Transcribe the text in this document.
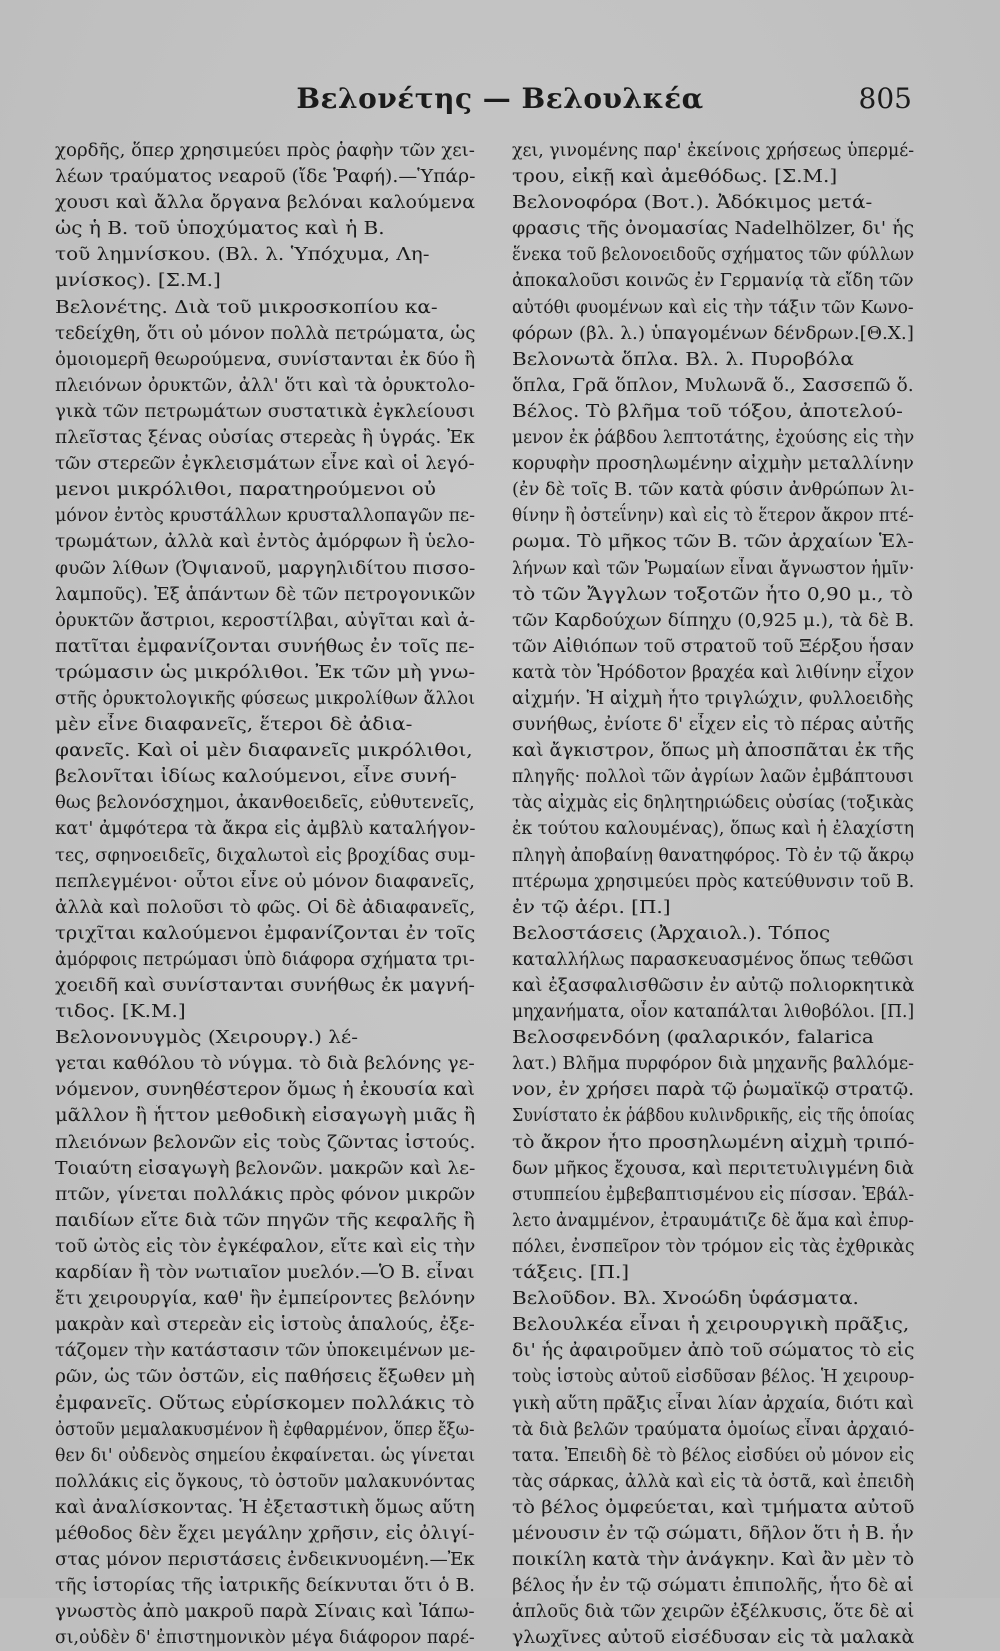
Βελονέτης — Βελουλκέα	805
χορδῆς, ὅπερ χρησιμεύει πρὸς ῥαφὴν τῶν χει-
λέων τραύματος νεαροῦ (ἴδε Ῥαφή).—Ὑπάρ-
χουσι καὶ ἄλλα ὄργανα βελόναι καλούμενα
ὡς ἡ Β. τοῦ ὑποχύματος καὶ ἡ Β.
τοῦ λημνίσκου. (Βλ. λ. Ὑπόχυμα, Λη-
μνίσκος). [Σ.Μ.]
Βελονέτης. Διὰ τοῦ μικροσκοπίου κα-
τεδείχθη, ὅτι οὐ μόνον πολλὰ πετρώματα, ὡς
ὁμοιομερῆ θεωρούμενα, συνίστανται ἐκ δύο ἢ
πλειόνων ὀρυκτῶν, ἀλλ' ὅτι καὶ τὰ ὀρυκτολο-
γικὰ τῶν πετρωμάτων συστατικὰ ἐγκλείουσι
πλεῖστας ξένας οὐσίας στερεὰς ἢ ὑγράς. Ἐκ
τῶν στερεῶν ἐγκλεισμάτων εἶνε καὶ οἱ λεγό-
μενοι μικρόλιθοι, παρατηρούμενοι οὐ
μόνον ἐντὸς κρυστάλλων κρυσταλλοπαγῶν πε-
τρωμάτων, ἀλλὰ καὶ ἐντὸς ἀμόρφων ἢ ὑελο-
φυῶν λίθων (Ὀψιανοῦ, μαργηλιδίτου πισσο-
λαμποῦς). Ἐξ ἁπάντων δὲ τῶν πετρογονικῶν
ὀρυκτῶν ἄστριοι, κεροστίλβαι, αὐγῖται καὶ ἀ-
πατῖται ἐμφανίζονται συνήθως ἐν τοῖς πε-
τρώμασιν ὡς μικρόλιθοι. Ἐκ τῶν μὴ γνω-
στῆς ὀρυκτολογικῆς φύσεως μικρολίθων ἄλλοι
μὲν εἶνε διαφανεῖς, ἕτεροι δὲ ἀδια-
φανεῖς. Καὶ οἱ μὲν διαφανεῖς μικρόλιθοι,
βελονῖται ἰδίως καλούμενοι, εἶνε συνή-
θως βελονόσχημοι, ἀκανθοειδεῖς, εὐθυτενεῖς,
κατ' ἀμφότερα τὰ ἄκρα εἰς ἀμβλὺ καταλήγον-
τες, σφηνοειδεῖς, διχαλωτοὶ εἰς βροχίδας συμ-
πεπλεγμένοι· οὗτοι εἶνε οὐ μόνον διαφανεῖς,
ἀλλὰ καὶ πολοῦσι τὸ φῶς. Οἱ δὲ ἀδιαφανεῖς,
τριχῖται καλούμενοι ἐμφανίζονται ἐν τοῖς
ἀμόρφοις πετρώμασι ὑπὸ διάφορα σχήματα τρι-
χοειδῆ καὶ συνίστανται συνήθως ἐκ μαγνή-
τιδος. [Κ.Μ.]
Βελονονυγμὸς (Χειρουργ.) λέ-
γεται καθόλου τὸ νύγμα. τὸ διὰ βελόνης γε-
νόμενον, συνηθέστερον ὅμως ἡ ἐκουσία καὶ
μᾶλλον ἢ ἧττον μεθοδικὴ εἰσαγωγὴ μιᾶς ἢ
πλειόνων βελονῶν εἰς τοὺς ζῶντας ἱστούς.
Τοιαύτη εἰσαγωγὴ βελονῶν. μακρῶν καὶ λε-
πτῶν, γίνεται πολλάκις πρὸς φόνον μικρῶν
παιδίων εἴτε διὰ τῶν πηγῶν τῆς κεφαλῆς ἢ
τοῦ ὠτὸς εἰς τὸν ἐγκέφαλον, εἴτε καὶ εἰς τὴν
καρδίαν ἢ τὸν νωτιαῖον μυελόν.—Ὁ Β. εἶναι
ἔτι χειρουργία, καθ' ἣν ἐμπείροντες βελόνην
μακρὰν καὶ στερεὰν εἰς ἱστοὺς ἁπαλούς, ἐξε-
τάζομεν τὴν κατάστασιν τῶν ὑποκειμένων με-
ρῶν, ὡς τῶν ὀστῶν, εἰς παθήσεις ἔξωθεν μὴ
ἐμφανεῖς. Οὕτως εὑρίσκομεν πολλάκις τὸ
ὀστοῦν μεμαλακυσμένον ἢ ἐφθαρμένον, ὅπερ ἔξω-
θεν δι' οὐδενὸς σημείου ἐκφαίνεται. ὡς γίνεται
πολλάκις εἰς ὄγκους, τὸ ὀστοῦν μαλακυνόντας
καὶ ἀναλίσκοντας. Ἡ ἐξεταστικὴ ὅμως αὕτη
μέθοδος δὲν ἔχει μεγάλην χρῆσιν, εἰς ὀλιγί-
στας μόνον περιστάσεις ἐνδεικνυομένη.—Ἐκ
τῆς ἱστορίας τῆς ἰατρικῆς δείκνυται ὅτι ὁ Β.
γνωστὸς ἀπὸ μακροῦ παρὰ Σίναις καὶ Ἰάπω-
σι,οὐδὲν δ' ἐπιστημονικὸν μέγα διάφορον παρέ-
χει, γινομένης παρ' ἐκείνοις χρήσεως ὑπερμέ-
τρου, εἰκῇ καὶ ἀμεθόδως. [Σ.Μ.]
Βελονοφόρα (Βοτ.). Ἀδόκιμος μετά-
φρασις τῆς ὀνομασίας Nadelhölzer, δι' ἧς
ἕνεκα τοῦ βελονοειδοῦς σχήματος τῶν φύλλων
ἀποκαλοῦσι κοινῶς ἐν Γερμανίᾳ τὰ εἴδη τῶν
αὐτόθι φυομένων καὶ εἰς τὴν τάξιν τῶν Κωνο-
φόρων (βλ. λ.) ὑπαγομένων δένδρων.[Θ.Χ.]
Βελονωτὰ ὅπλα. Βλ. λ. Πυροβόλα
ὅπλα, Γρᾶ ὅπλον, Μυλωνᾶ ὅ., Σασσεπῶ ὅ.
Βέλος. Τὸ βλῆμα τοῦ τόξου, ἀποτελού-
μενον ἐκ ῥάβδου λεπτοτάτης, ἐχούσης εἰς τὴν
κορυφὴν προσηλωμένην αἰχμὴν μεταλλίνην
(ἐν δὲ τοῖς Β. τῶν κατὰ φύσιν ἀνθρώπων λι-
θίνην ἢ ὀστεΐνην) καὶ εἰς τὸ ἕτερον ἄκρον πτέ-
ρωμα. Τὸ μῆκος τῶν Β. τῶν ἀρχαίων Ἑλ-
λήνων καὶ τῶν Ῥωμαίων εἶναι ἄγνωστον ἡμῖν·
τὸ τῶν Ἄγγλων τοξοτῶν ἦτο 0,90 μ., τὸ
τῶν Καρδούχων δίπηχυ (0,925 μ.), τὰ δὲ Β.
τῶν Αἰθιόπων τοῦ στρατοῦ τοῦ Ξέρξου ἦσαν
κατὰ τὸν Ἡρόδοτον βραχέα καὶ λιθίνην εἶχον
αἰχμήν. Ἡ αἰχμὴ ἦτο τριγλώχιν, φυλλοειδὴς
συνήθως, ἐνίοτε δ' εἶχεν εἰς τὸ πέρας αὐτῆς
καὶ ἄγκιστρον, ὅπως μὴ ἀποσπᾶται ἐκ τῆς
πληγῆς· πολλοὶ τῶν ἀγρίων λαῶν ἐμβάπτουσι
τὰς αἰχμὰς εἰς δηλητηριώδεις οὐσίας (τοξικὰς
ἐκ τούτου καλουμένας), ὅπως καὶ ἡ ἐλαχίστη
πληγὴ ἀποβαίνῃ θανατηφόρος. Τὸ ἐν τῷ ἄκρῳ
πτέρωμα χρησιμεύει πρὸς κατεύθυνσιν τοῦ Β.
ἐν τῷ ἀέρι. [Π.]
Βελοστάσεις (Ἀρχαιολ.). Τόπος
καταλλήλως παρασκευασμένος ὅπως τεθῶσι
καὶ ἐξασφαλισθῶσιν ἐν αὐτῷ πολιορκητικὰ
μηχανήματα, οἷον καταπάλται λιθοβόλοι. [Π.]
Βελοσφενδόνη (φαλαρικόν, falarica
λατ.) Βλῆμα πυρφόρον διὰ μηχανῆς βαλλόμε-
νον, ἐν χρήσει παρὰ τῷ ῥωμαϊκῷ στρατῷ.
Συνίστατο ἐκ ῥάβδου κυλινδρικῆς, εἰς τῆς ὁποίας
τὸ ἄκρον ἦτο προσηλωμένη αἰχμὴ τριπό-
δων μῆκος ἔχουσα, καὶ περιτετυλιγμένη διὰ
στυππείου ἐμβεβαπτισμένου εἰς πίσσαν. Ἐβάλ-
λετο ἀναμμένον, ἐτραυμάτιζε δὲ ἅμα καὶ ἐπυρ-
πόλει, ἐνσπεῖρον τὸν τρόμον εἰς τὰς ἐχθρικὰς
τάξεις. [Π.]
Βελοῦδον. Βλ. Χνοώδη ὑφάσματα.
Βελουλκέα εἶναι ἡ χειρουργικὴ πρᾶξις,
δι' ἧς ἀφαιροῦμεν ἀπὸ τοῦ σώματος τὸ εἰς
τοὺς ἱστοὺς αὐτοῦ εἰσδῦσαν βέλος. Ἡ χειρουρ-
γικὴ αὕτη πρᾶξις εἶναι λίαν ἀρχαία, διότι καὶ
τὰ διὰ βελῶν τραύματα ὁμοίως εἶναι ἀρχαιό-
τατα. Ἐπειδὴ δὲ τὸ βέλος εἰσδύει οὐ μόνον εἰς
τὰς σάρκας, ἀλλὰ καὶ εἰς τὰ ὀστᾶ, καὶ ἐπειδὴ
τὸ βέλος ὀμφεύεται, καὶ τμήματα αὐτοῦ
μένουσιν ἐν τῷ σώματι, δῆλον ὅτι ἡ Β. ἦν
ποικίλη κατὰ τὴν ἀνάγκην. Καὶ ἂν μὲν τὸ
βέλος ἦν ἐν τῷ σώματι ἐπιπολῆς, ἦτο δὲ αἱ
ἁπλοῦς διὰ τῶν χειρῶν ἐξέλκυσις, ὅτε δὲ αἱ
γλωχῖνες αὐτοῦ εἰσέδυσαν εἰς τὰ μαλακὰ
